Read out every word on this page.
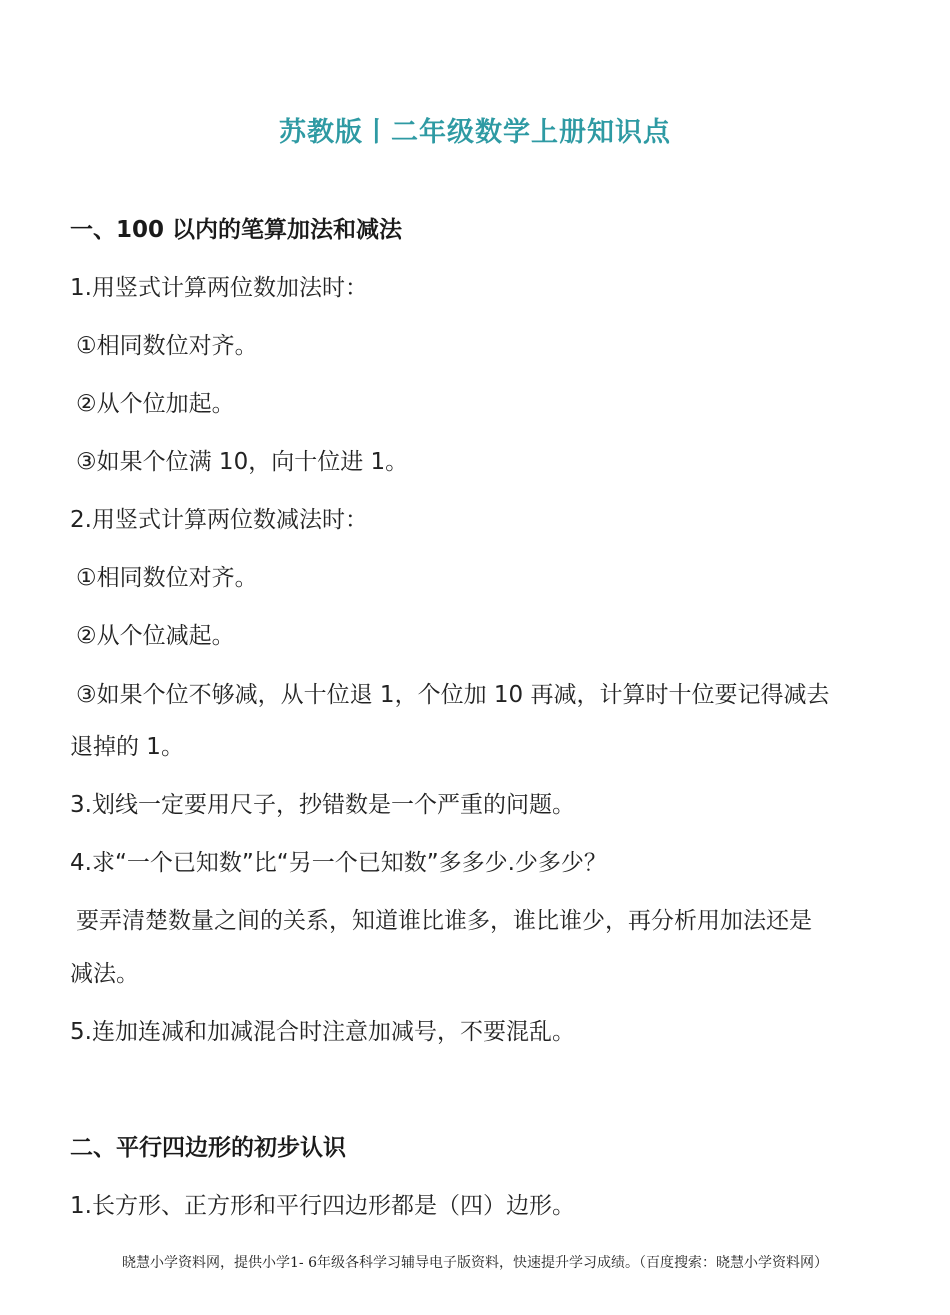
苏教版丨二年级数学上册知识点
一、100 以内的笔算加法和减法
1.用竖式计算两位数加法时：
①相同数位对齐。
②从个位加起。
③如果个位满 10，向十位进 1。
2.用竖式计算两位数减法时：
①相同数位对齐。
②从个位减起。
③如果个位不够减，从十位退 1，个位加 10 再减，计算时十位要记得减去
退掉的 1。
3.划线一定要用尺子，抄错数是一个严重的问题。
4.求“一个已知数”比“另一个已知数”多多少.少多少？
要弄清楚数量之间的关系，知道谁比谁多，谁比谁少，再分析用加法还是
减法。
5.连加连减和加减混合时注意加减号，不要混乱。
二、平行四边形的初步认识
1.长方形、正方形和平行四边形都是（四）边形。
晓慧小学资料网，提供小学1- 6年级各科学习辅导电子版资料，快速提升学习成绩。（百度搜索：晓慧小学资料网）
